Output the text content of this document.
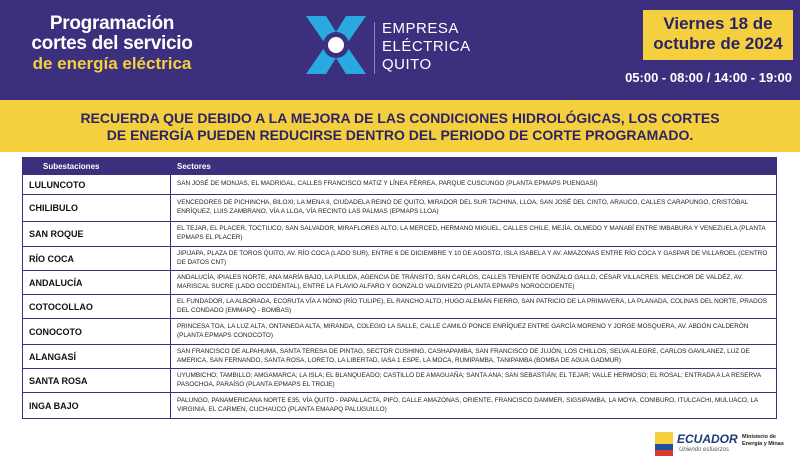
Programación
cortes del servicio
de energía eléctrica
EMPRESA
ELÉCTRICA
QUITO
Viernes 18 de
octubre de 2024
05:00 - 08:00 / 14:00 - 19:00
RECUERDA QUE DEBIDO A LA MEJORA DE LAS CONDICIONES HIDROLÓGICAS, LOS CORTES
DE ENERGÍA PUEDEN REDUCIRSE DENTRO DEL PERIODO DE CORTE PROGRAMADO.
Subestaciones	Sectores
LULUNCOTO	SAN JOSÉ DE MONJAS, EL MADRIGAL, CALLES FRANCISCO MATIZ Y LÍNEA FÉRREA, PARQUE CUSCUNGO (PLANTA EPMAPS PUENGASÍ)
CHILIBULO
VENCEDORES DE PICHINCHA, BILOXI, LA MENA II, CIUDADELA REINO DE QUITO, MIRADOR DEL SUR TACHINA, LLOA, SAN JOSÉ DEL CINTO, ARAUCO, CALLES CARAPUNGO, CRISTÓBAL ENRÍQUEZ, LUIS ZAMBRANO, VÍA A LLOA, VÍA RECINTO LAS PALMAS (EPMAPS LLOA)
SAN ROQUE
EL TEJAR, EL PLACER, TOCTIUCO, SAN SALVADOR, MIRAFLORES ALTO, LA MERCED, HERMANO MIGUEL, CALLES CHILE, MEJÍA, OLMEDO Y MANABÍ ENTRE IMBABURA Y VENEZUELA (PLANTA EPMAPS EL PLACER)
RÍO COCA
JIPIJAPA, PLAZA DE TOROS QUITO, AV. RÍO COCA (LADO SUR), ENTRE 6 DE DICIEMBRE Y 10 DE AGOSTO, ISLA ISABELA Y AV. AMAZONAS ENTRE RÍO COCA Y GASPAR DE VILLAROEL (CENTRO DE DATOS CNT)
ANDALUCÍA
ANDALUCÍA, IPIALES NORTE, ANA MARÍA BAJO, LA PULIDA, AGENCIA DE TRÁNSITO, SAN CARLOS, CALLES TENIENTE GONZALO GALLO, CÉSAR VILLACRES. MELCHOR DE VALDÉZ, AV. MARISCAL SUCRE (LADO OCCIDENTAL), ENTRE LA FLAVIO ALFARO Y GONZALO VALDIVIEZO (PLANTA EPMAPS NOROCCIDENTE)
COTOCOLLAO
EL FUNDADOR, LA ALBORADA, ECORUTA VÍA A NONO (RÍO TULIPE), EL RANCHO ALTO, HUGO ALEMÁN FIERRO, SAN PATRICIO DE LA PRIMAVERA, LA PLANADA, COLINAS DEL NORTE, PRADOS DEL CONDADO (EMMAPQ - BOMBAS)
CONOCOTO
PRINCESA TOA, LA LUZ ALTA, ONTANEDA ALTA, MIRANDA, COLEGIO LA SALLE, CALLE CAMILO PONCE ENRÍQUEZ ENTRE GARCÍA MORENO Y JORGE MOSQUERA, AV. ABDÓN CALDERÓN (PLANTA EPMAPS CONOCOTO)
ALANGASÍ
SAN FRANCISCO DE ALPAHUMA, SANTA TERESA DE PINTAG, SECTOR CUSHING, CASHAPAMBA, SAN FRANCISCO DE JUJÓN, LOS CHILLOS, SELVA ALEGRE, CARLOS GAVILANEZ, LUZ DE AMERICA, SAN FERNANDO, SANTA ROSA, LORETO, LA LIBERTAD, IASA 1 ESPE, LA MOCA, RUMIPAMBA, TANIPAMBA (BOMBA DE AGUA GADMUR)
SANTA ROSA
UYUMBICHO; TAMBILLO; AMGAMARCA; LA ISLA; EL BLANQUEADO; CASTILLO DE AMAGUAÑA; SANTA ANA; SAN SEBASTIÁN; EL TEJAR; VALLE HERMOSO; EL ROSAL; ENTRADA A LA RESERVA PASOCHOA, PARAÍSO (PLANTA EPMAPS EL TROJE)
INGA BAJO
PALUNGO, PANAMERICANA NORTE E35, VÍA QUITO - PAPALLACTA, PIFO, CALLE AMAZONAS, ORIENTE, FRANCISCO DAMMER, SIGSIPAMBA, LA MOYA, CONIBURO, ITULCACHI, MULUACO, LA VIRGINIA, EL CARMEN, CUCHAUCO (PLANTA EMAAPQ PALUGUILLO)
ECUADOR
Uniendo esfuerzos
Ministerio de
Energía y Minas
